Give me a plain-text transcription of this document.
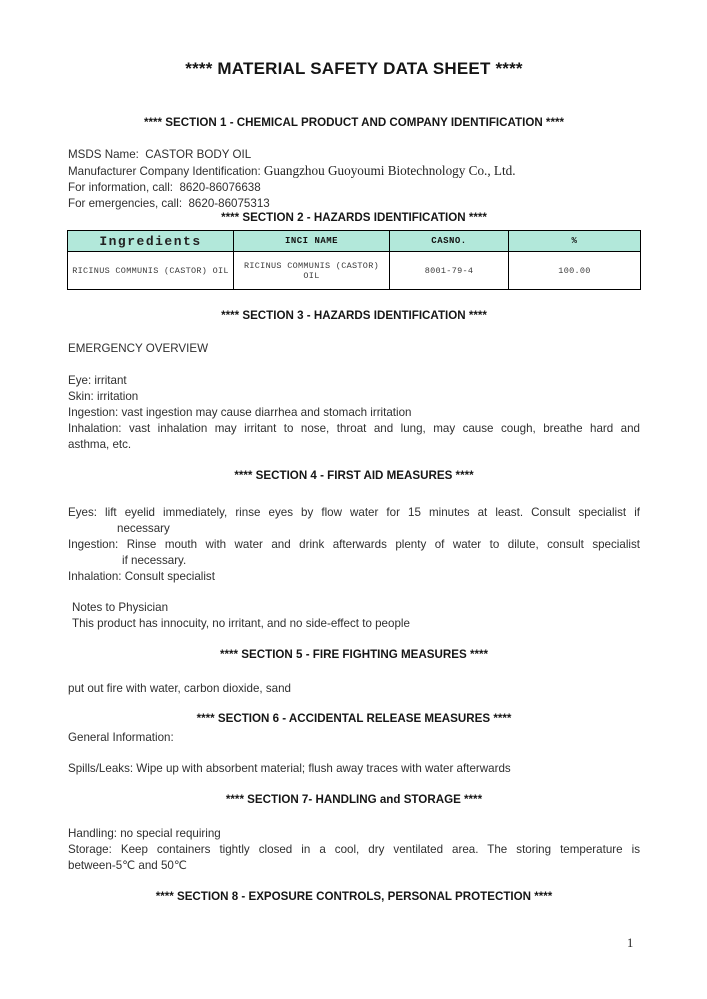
**** MATERIAL SAFETY DATA SHEET ****
**** SECTION 1 - CHEMICAL PRODUCT AND COMPANY IDENTIFICATION ****
MSDS Name:  CASTOR BODY OIL
Manufacturer Company Identification: Guangzhou Guoyoumi Biotechnology Co., Ltd.
For information, call:  8620-86076638
For emergencies, call:  8620-86075313
**** SECTION 2 - HAZARDS IDENTIFICATION ****
Ingredients	INCI NAME	CASNO.	%
RICINUS COMMUNIS (CASTOR) OIL	RICINUS COMMUNIS (CASTOR) OIL	8001-79-4	100.00
**** SECTION 3 - HAZARDS IDENTIFICATION ****
EMERGENCY OVERVIEW
Eye: irritant
Skin: irritation
Ingestion: vast ingestion may cause diarrhea and stomach irritation
Inhalation: vast inhalation may irritant to nose, throat and lung, may cause cough, breathe hard and
asthma, etc.
**** SECTION 4 - FIRST AID MEASURES ****
Eyes: lift eyelid immediately, rinse eyes by flow water for 15 minutes at least. Consult specialist if
necessary
Ingestion: Rinse mouth with water and drink afterwards plenty of water to dilute, consult specialist
if necessary.
Inhalation: Consult specialist
Notes to Physician
This product has innocuity, no irritant, and no side-effect to people
**** SECTION 5 - FIRE FIGHTING MEASURES ****
put out fire with water, carbon dioxide, sand
**** SECTION 6 - ACCIDENTAL RELEASE MEASURES ****
General Information:
Spills/Leaks: Wipe up with absorbent material; flush away traces with water afterwards
**** SECTION 7- HANDLING and STORAGE ****
Handling: no special requiring
Storage: Keep containers tightly closed in a cool, dry ventilated area. The storing temperature is
between-5℃ and 50℃
**** SECTION 8 - EXPOSURE CONTROLS, PERSONAL PROTECTION ****
1
